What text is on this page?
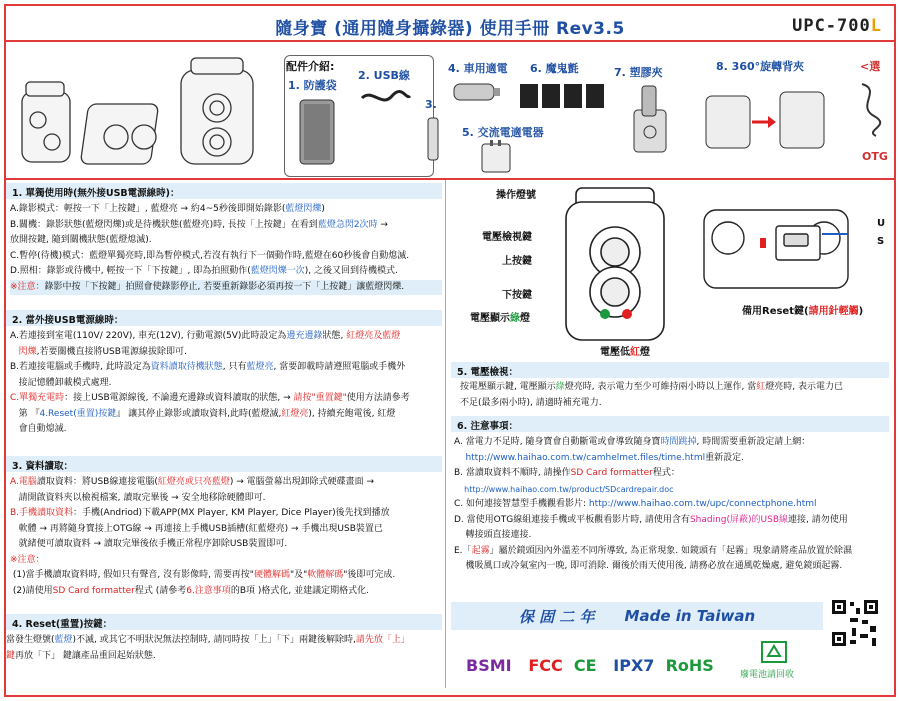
隨身寶 (通用隨身攝錄器) 使用手冊 Rev3.5	UPC-700L
配件介紹:
1. 防護袋
2. USB線
3.
4. 車用適電
5. 交流電適電器
6. 魔鬼氈	7. 塑膠夾	8. 360°旋轉背夾	<選
OTG
1. 單獨使用時(無外接USB電源線時)：
A.錄影模式：輕按一下「上按鍵」, 藍燈亮 → 約4~5秒後即開始錄影(藍燈閃爍)
B.關機：錄影狀態(藍燈閃爍)或是待機狀態(藍燈亮)時, 長按「上按鍵」在看到藍燈急閃2次時 →
放開按鍵, 隨到關機狀態(藍燈熄滅).
C.暫停(待機)模式：藍燈單獨亮時,即為暫停模式,若沒有執行下一個動作時,藍燈在60秒後會自動熄滅.
D.照相：錄影或待機中, 輕按一下「下按鍵」, 即為拍照動作(藍燈閃爍一次), 之後又回到待機模式.
※注意：錄影中按「下按鍵」拍照會使錄影停止, 若要重新錄影必須再按一下「上按鍵」讓藍燈閃爍.
2. 當外接USB電源線時：
A.若連接到室電(110V/ 220V), 車充(12V), 行動電源(5V)此時設定為邊充邊錄狀態, 紅燈亮及藍燈
閃爍,若要關機直接將USB電源線拔除即可.
B.若連接電腦或手機時, 此時設定為資料讀取待機狀態, 只有藍燈亮, 當要卸載時請遵照電腦或手機外
接記憶體卸載模式處理.
C.單獨充電時：接上USB電源線後, 不論邊充邊錄或資料讀取的狀態, → 請按"重置鍵"使用方法請參考
第 『4.Reset(重置)按鍵』 讓其停止錄影或讀取資料,此時(藍燈滅,紅燈亮), 持續充飽電後, 紅燈
會自動熄滅.
3. 資料讀取：
A.電腦讀取資料：將USB線連接電腦(紅燈亮或只亮藍燈) → 電腦螢幕出現卸除式硬碟畫面 →
請開啟資料夾以檢視檔案, 讀取完畢後 → 安全地移除硬體即可.
B.手機讀取資料：手機(Andriod)下載APP(MX Player, KM Player, Dice Player)後先找到播放
軟體 → 再將隨身寶接上OTG線 → 再連接上手機USB插槽(紅藍燈亮) → 手機出現USB裝置已
就緒便可讀取資料 → 讀取完畢後依手機正常程序卸除USB裝置即可.
※注意：
(1)當手機讀取資料時, 假如只有聲音, 沒有影像時, 需要再按"硬體解碼"及"軟體解碼"後即可完成.
(2)請使用SD Card formatter程式 (請參考6.注意事項的B項 )格式化, 並建議定期格式化.
4. Reset(重置)按鍵：
當發生燈號(藍燈)不滅, 或其它不明狀況無法控制時, 請同時按「上」「下」兩鍵後解除時,請先放「上」
鍵再放「下」 鍵讓產品重回起始狀態.
操作燈號
電壓檢視鍵
上按鍵
下按鍵
電壓顯示綠燈
電壓低紅燈
備用Reset鍵(請用針輕觸)
U
S
5. 電壓檢視：
按電壓顯示鍵, 電壓顯示綠燈亮時, 表示電力至少可維持兩小時以上運作, 當紅燈亮時, 表示電力已
不足(最多兩小時), 請適時補充電力.
6. 注意事項：
A. 當電力不足時, 隨身寶會自動斷電或會導致隨身寶時間跳掉, 時間需要重新設定請上網：
http://www.haihao.com.tw/camhelmet.files/time.html重新設定.
B. 當讀取資料不順時, 請操作SD Card formatter程式：
http://www.haihao.com.tw/product/SDcardrepair.doc
C. 如何連接智慧型手機觀看影片: http://www.haihao.com.tw/upc/connectphone.html
D. 當使用OTG線組連接手機或平板觀看影片時, 請使用含有Shading(屏蔽)的USB線連接, 請勿使用
轉接頭直接連接.
E.「起霧」屬於鏡頭因內外溫差不同所導致, 為正常現象. 如鏡頭有「起霧」現象請將產品放置於除濕
機吸風口或冷氣室內一晚, 即可消除. 爾後於雨天使用後, 請務必放在通風乾燥處, 避免鏡頭起霧.
保 固 二 年 Made in Taiwan
BSMI FCC CE IPX7 RoHS	廢電池請回收
